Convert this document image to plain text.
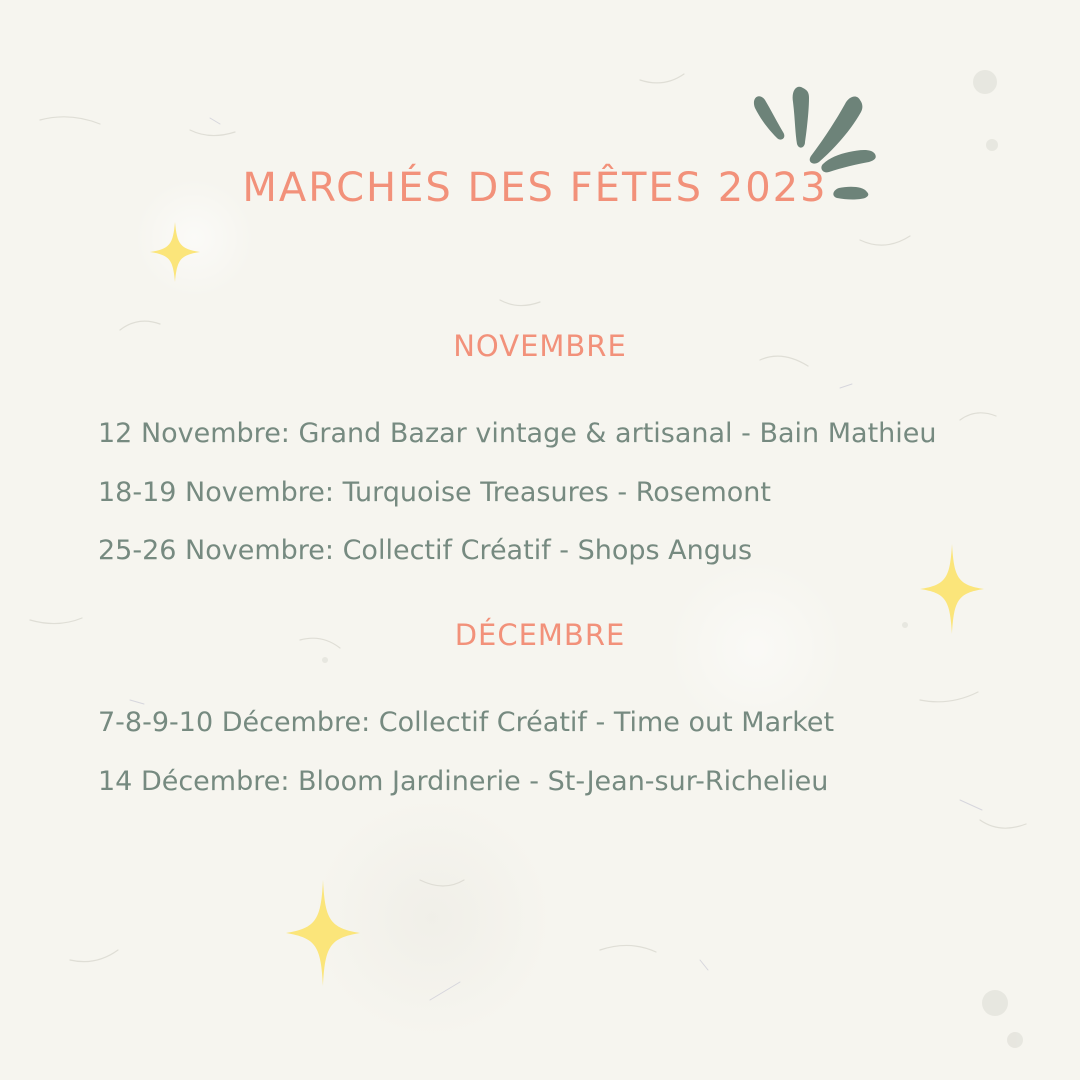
MARCHÉS DES FÊTES 2023
NOVEMBRE
12 Novembre: Grand Bazar vintage & artisanal - Bain Mathieu
18-19 Novembre: Turquoise Treasures - Rosemont
25-26 Novembre: Collectif Créatif - Shops Angus
DÉCEMBRE
7-8-9-10 Décembre: Collectif Créatif - Time out Market
14 Décembre: Bloom Jardinerie - St-Jean-sur-Richelieu
